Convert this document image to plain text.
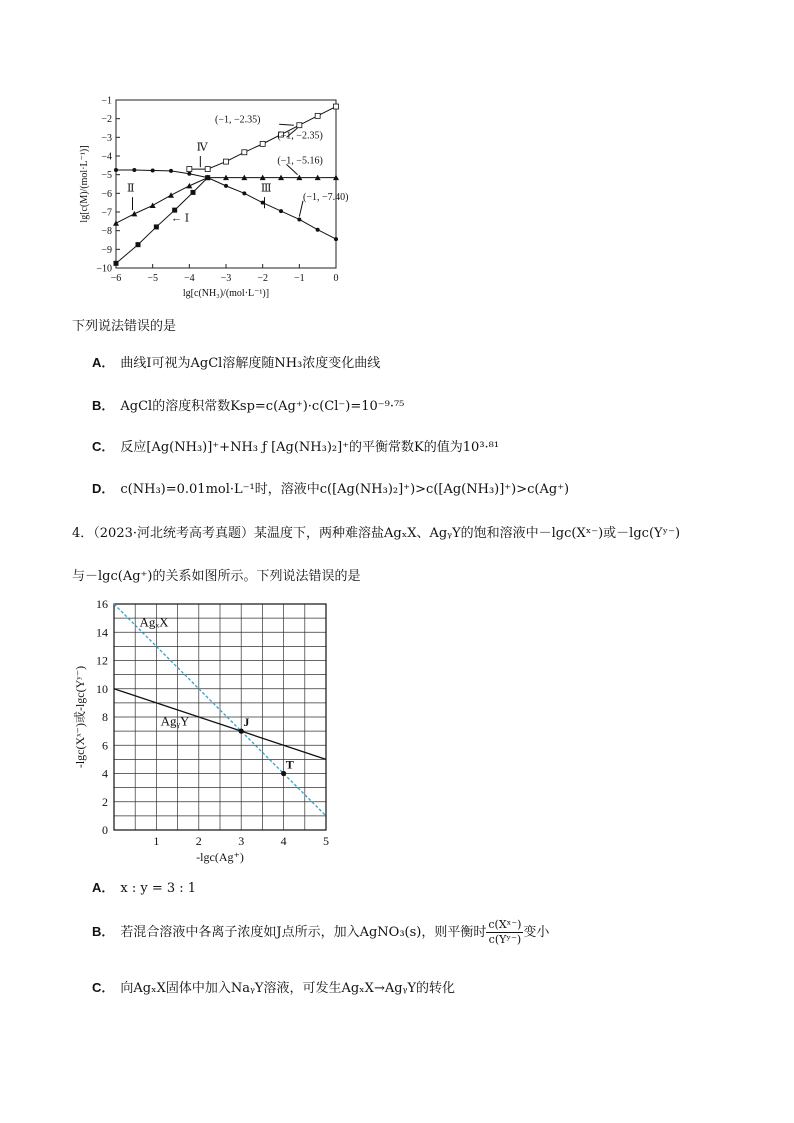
−6	−5	−4	−3	−2	−1	0
−1
−2
−3
−4
−5
−6
−7
−8
−9
−10
lg[c(NH₃)/(mol·L⁻¹)]
lg[c(M)/(mol·L⁻¹)]
(−1, −2.35)
(−1, −2.35)
(−1, −5.16)
(−1, −7.40)
← Ⅰ
Ⅱ	Ⅲ
Ⅳ
下列说法错误的是
A． 曲线Ⅰ可视为AgCl溶解度随NH₃浓度变化曲线
B． AgCl的溶度积常数Ksp=c(Ag⁺)·c(Cl⁻)=10⁻⁹·⁷⁵
C． 反应[Ag(NH₃)]⁺+NH₃ ƒ [Ag(NH₃)₂]⁺的平衡常数K的值为10³·⁸¹
D． c(NH₃)=0.01mol·L⁻¹时，溶液中c([Ag(NH₃)₂]⁺)>c([Ag(NH₃)]⁺)>c(Ag⁺)
4．（2023·河北统考高考真题）某温度下，两种难溶盐AgₓX、AgᵧY的饱和溶液中－lgc(Xˣ⁻)或－lgc(Yʸ⁻)
与－lgc(Ag⁺)的关系如图所示。下列说法错误的是
1	2	3	4	5
0
2
4
6
8
10
12
14
16
-lgc(Ag⁺)
-lgc(Xˣ⁻)或-lgc(Yʸ⁻)
AgₓX
AgᵧY	J
T
A． x : y = 3 : 1
B． 若混合溶液中各离子浓度如J点所示，加入AgNO₃(s)，则平衡时 $\frac{\text{c(Xˣ⁻)}}{\text{c(Yʸ⁻)}}$ 变小
C． 向AgₓX固体中加入NaᵧY溶液，可发生AgₓX→AgᵧY的转化
